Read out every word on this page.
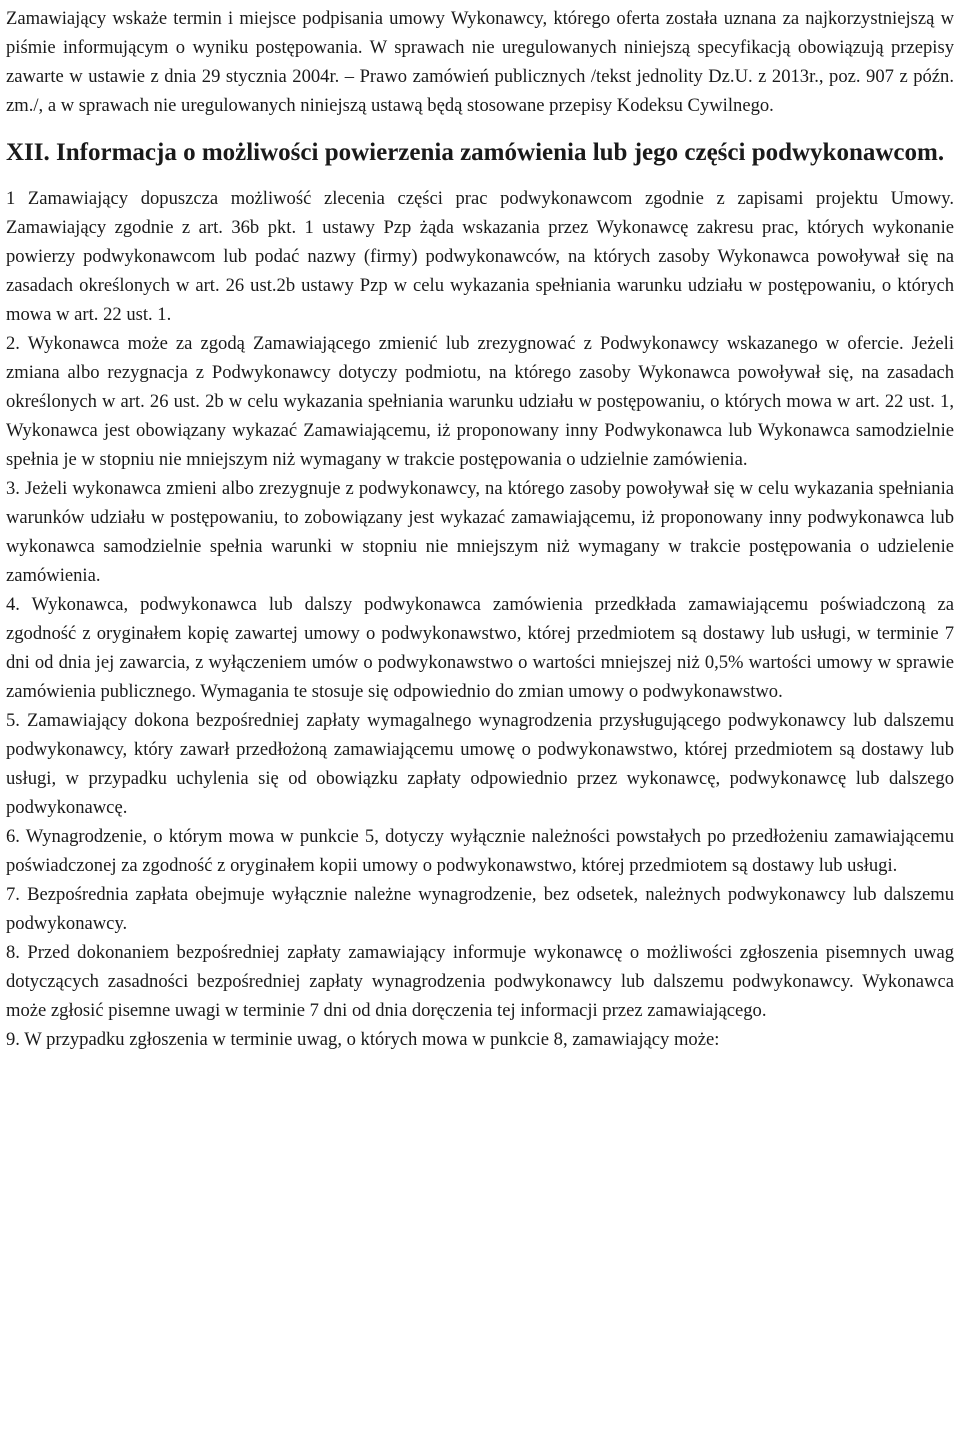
Zamawiający wskaże termin i miejsce podpisania umowy Wykonawcy, którego oferta została uznana za najkorzystniejszą w piśmie informującym o wyniku postępowania. W sprawach nie uregulowanych niniejszą specyfikacją obowiązują przepisy zawarte w ustawie z dnia 29 stycznia 2004r. – Prawo zamówień publicznych /tekst jednolity Dz.U. z 2013r., poz. 907 z późn. zm./, a w sprawach nie uregulowanych niniejszą ustawą będą stosowane przepisy Kodeksu Cywilnego.

XII. Informacja o możliwości powierzenia zamówienia lub jego części podwykonawcom.

1 Zamawiający dopuszcza możliwość zlecenia części prac podwykonawcom zgodnie z zapisami projektu Umowy. Zamawiający zgodnie z art. 36b pkt. 1 ustawy Pzp żąda wskazania przez Wykonawcę zakresu prac, których wykonanie powierzy podwykonawcom lub podać nazwy (firmy) podwykonawców, na których zasoby Wykonawca powoływał się na zasadach określonych w art. 26 ust.2b ustawy Pzp w celu wykazania spełniania warunku udziału w postępowaniu, o których mowa w art. 22 ust. 1.

2. Wykonawca może za zgodą Zamawiającego zmienić lub zrezygnować z Podwykonawcy wskazanego w ofercie. Jeżeli zmiana albo rezygnacja z Podwykonawcy dotyczy podmiotu, na którego zasoby Wykonawca powoływał się, na zasadach określonych w art. 26 ust. 2b w celu wykazania spełniania warunku udziału w postępowaniu, o których mowa w art. 22 ust. 1, Wykonawca jest obowiązany wykazać Zamawiającemu, iż proponowany inny Podwykonawca lub Wykonawca samodzielnie spełnia je w stopniu nie mniejszym niż wymagany w trakcie postępowania o udzielnie zamówienia.

3. Jeżeli wykonawca zmieni albo zrezygnuje z podwykonawcy, na którego zasoby powoływał się w celu wykazania spełniania warunków udziału w postępowaniu, to zobowiązany jest wykazać zamawiającemu, iż proponowany inny podwykonawca lub wykonawca samodzielnie spełnia warunki w stopniu nie mniejszym niż wymagany w trakcie postępowania o udzielenie zamówienia.

4. Wykonawca, podwykonawca lub dalszy podwykonawca zamówienia przedkłada zamawiającemu poświadczoną za zgodność z oryginałem kopię zawartej umowy o podwykonawstwo, której przedmiotem są dostawy lub usługi, w terminie 7 dni od dnia jej zawarcia, z wyłączeniem umów o podwykonawstwo o wartości mniejszej niż 0,5% wartości umowy w sprawie zamówienia publicznego. Wymagania te stosuje się odpowiednio do zmian umowy o podwykonawstwo.

5. Zamawiający dokona bezpośredniej zapłaty wymagalnego wynagrodzenia przysługującego podwykonawcy lub dalszemu podwykonawcy, który zawarł przedłożoną zamawiającemu umowę o podwykonawstwo, której przedmiotem są dostawy lub usługi, w przypadku uchylenia się od obowiązku zapłaty odpowiednio przez wykonawcę, podwykonawcę lub dalszego podwykonawcę.

6. Wynagrodzenie, o którym mowa w punkcie 5, dotyczy wyłącznie należności powstałych po przedłożeniu zamawiającemu poświadczonej za zgodność z oryginałem kopii umowy o podwykonawstwo, której przedmiotem są dostawy lub usługi.

7. Bezpośrednia zapłata obejmuje wyłącznie należne wynagrodzenie, bez odsetek, należnych podwykonawcy lub dalszemu podwykonawcy.

8. Przed dokonaniem bezpośredniej zapłaty zamawiający informuje wykonawcę o możliwości zgłoszenia pisemnych uwag dotyczących zasadności bezpośredniej zapłaty wynagrodzenia podwykonawcy lub dalszemu podwykonawcy. Wykonawca może zgłosić pisemne uwagi w terminie 7 dni od dnia doręczenia tej informacji przez zamawiającego.

9. W przypadku zgłoszenia w terminie uwag, o których mowa w punkcie 8, zamawiający może:
